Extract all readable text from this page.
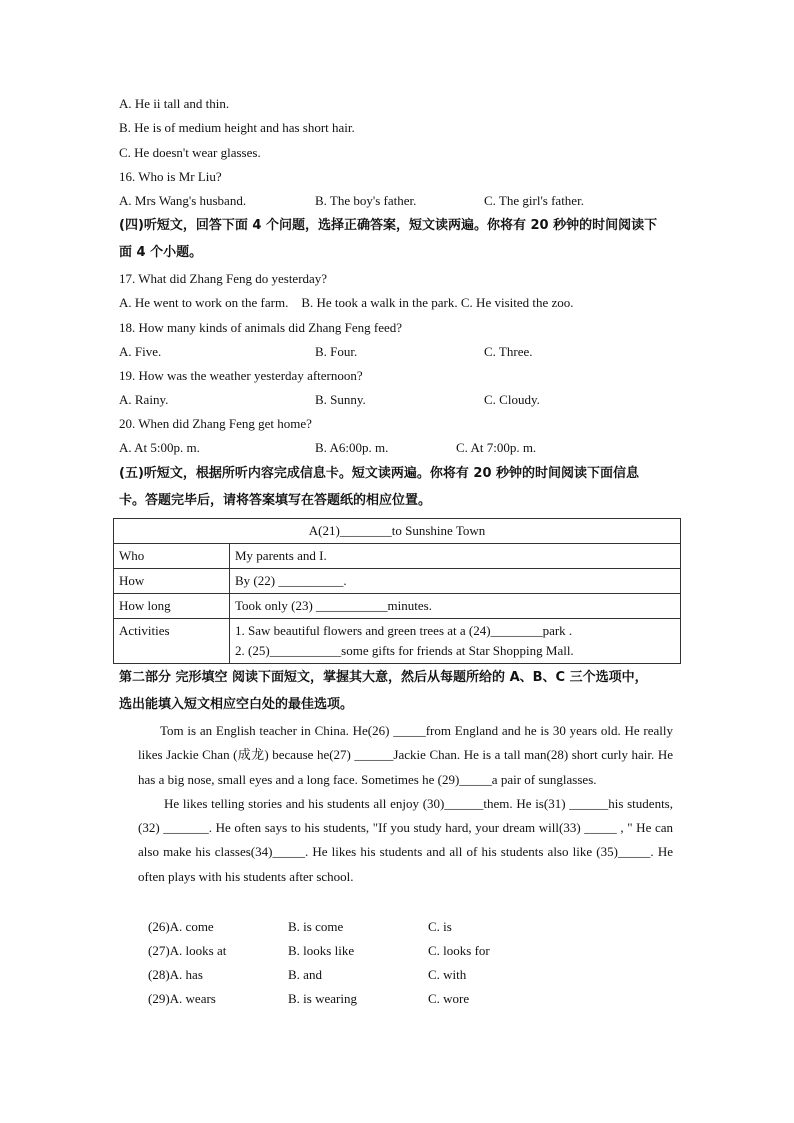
A. He ii tall and thin.
B. He is of medium height and has short hair.
C. He doesn't wear glasses.
16. Who is Mr Liu?
A. Mrs Wang's husband.	B. The boy's father.	C. The girl's father.
(四)听短文，回答下面 4 个问题，选择正确答案，短文读两遍。你将有 20 秒钟的时间阅读下
面 4 个小题。
17. What did Zhang Feng do yesterday?
A. He went to work on the farm.    B. He took a walk in the park. C. He visited the zoo.
18. How many kinds of animals did Zhang Feng feed?
A. Five.	B. Four.	C. Three.
19. How was the weather yesterday afternoon?
A. Rainy.	B. Sunny.	C. Cloudy.
20. When did Zhang Feng get home?
A. At 5:00p. m.	B. A6:00p. m.	C. At 7:00p. m.
(五)听短文，根据所听内容完成信息卡。短文读两遍。你将有 20 秒钟的时间阅读下面信息
卡。答题完毕后，请将答案填写在答题纸的相应位置。
A(21)________to Sunshine Town	
Who	My parents and I.
How	By (22) __________.
How long	Took only (23) ___________minutes.
Activities	1. Saw beautiful flowers and green trees at a (24)________park .
2. (25)___________some gifts for friends at Star Shopping Mall.
第二部分 完形填空 阅读下面短文，掌握其大意，然后从每题所给的 A、B、C 三个选项中，
选出能填入短文相应空白处的最佳选项。

Tom is an English teacher in China. He(26) _____from England and he is 30 years old. He really likes Jackie Chan (成龙) because he(27) ______Jackie Chan. He is a tall man(28) short curly hair. He has a big nose, small eyes and a long face. Sometimes he (29)_____a pair of sunglasses.

He likes telling stories and his students all enjoy (30)______them. He is(31) ______his students, (32) _______. He often says to his students, "If you study hard, your dream will(33) _____ , " He can also make his classes(34)_____. He likes his students and all of his students also like (35)_____. He often plays with his students after school.

(26)A. come	B. is come	C. is
(27)A. looks at	B. looks like	C. looks for
(28)A. has	B. and	C. with
(29)A. wears	B. is wearing	C. wore
